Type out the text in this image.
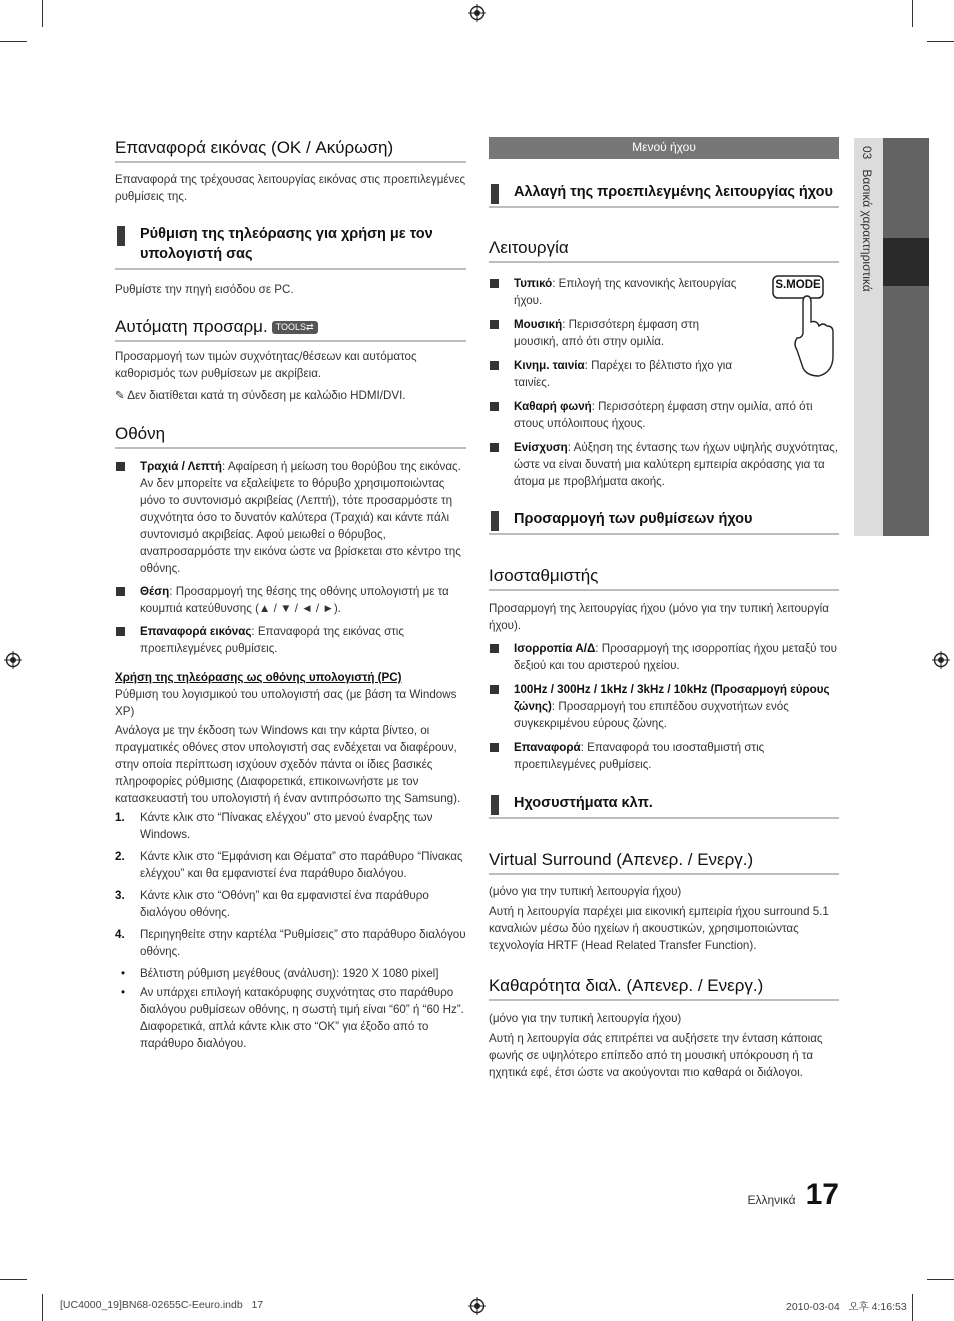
03   Βασικά χαρακτηριστικά
Επαναφορά εικόνας (OK / Ακύρωση)

Επαναφορά της τρέχουσας λειτουργίας εικόνας στις προεπιλεγμένες ρυθμίσεις της.

Ρύθμιση της τηλεόρασης για χρήση με τον υπολογιστή σας

Ρυθμίστε την πηγή εισόδου σε PC.

Αυτόματη προσαρμ. TOOLS⇄

Προσαρμογή των τιμών συχνότητας/θέσεων και αυτόματος καθορισμός των ρυθμίσεων με ακρίβεια.

✎ Δεν διατίθεται κατά τη σύνδεση με καλώδιο HDMI/DVI.

Οθόνη
Τραχιά / Λεπτή: Αφαίρεση ή μείωση του θορύβου της εικόνας. Αν δεν μπορείτε να εξαλείψετε το θόρυβο χρησιμοποιώντας μόνο το συντονισμό ακριβείας (Λεπτή), τότε προσαρμόστε τη συχνότητα όσο το δυνατόν καλύτερα (Τραχιά) και κάντε πάλι συντονισμό ακριβείας. Αφού μειωθεί ο θόρυβος, αναπροσαρμόστε την εικόνα ώστε να βρίσκεται στο κέντρο της οθόνης.
Θέση: Προσαρμογή της θέσης της οθόνης υπολογιστή με τα κουμπιά κατεύθυνσης (▲ / ▼ / ◄ / ►).
Επαναφορά εικόνας: Επαναφορά της εικόνας στις προεπιλεγμένες ρυθμίσεις.
Χρήση της τηλεόρασης ως οθόνης υπολογιστή (PC)

Ρύθμιση του λογισμικού του υπολογιστή σας (με βάση τα Windows XP)

Ανάλογα με την έκδοση των Windows και την κάρτα βίντεο, οι πραγματικές οθόνες στον υπολογιστή σας ενδέχεται να διαφέρουν, στην οποία περίπτωση ισχύουν σχεδόν πάντα οι ίδιες βασικές πληροφορίες ρύθμισης (Διαφορετικά, επικοινωνήστε με τον κατασκευαστή του υπολογιστή ή έναν αντιπρόσωπο της Samsung).

1. Κάντε κλικ στο “Πίνακας ελέγχου” στο μενού έναρξης των Windows.
2. Κάντε κλικ στο “Εμφάνιση και Θέματα” στο παράθυρο “Πίνακας ελέγχου” και θα εμφανιστεί ένα παράθυρο διαλόγου.
3. Κάντε κλικ στο “Οθόνη” και θα εμφανιστεί ένα παράθυρο διαλόγου οθόνης.
4. Περιηγηθείτε στην καρτέλα “Ρυθμίσεις” στο παράθυρο διαλόγου οθόνης.
• Βέλτιστη ρύθμιση μεγέθους (ανάλυση): 1920 X 1080 pixel]
• Αν υπάρχει επιλογή κατακόρυφης συχνότητας στο παράθυρο διαλόγου ρυθμίσεων οθόνης, η σωστή τιμή είναι “60” ή “60 Hz”. Διαφορετικά, απλά κάντε κλικ στο “OK” για έξοδο από το παράθυρο διαλόγου.
Μενού ήχου
Αλλαγή της προεπιλεγμένης λειτουργίας ήχου
Λειτουργία
S.MODE
Τυπικό: Επιλογή της κανονικής λειτουργίας ήχου.
Μουσική: Περισσότερη έμφαση στη μουσική, από ότι στην ομιλία.
Κινημ. ταινία: Παρέχει το βέλτιστο ήχο για ταινίες.
Καθαρή φωνή: Περισσότερη έμφαση στην ομιλία, από ότι στους υπόλοιπους ήχους.
Ενίσχυση: Αύξηση της έντασης των ήχων υψηλής συχνότητας, ώστε να είναι δυνατή μια καλύτερη εμπειρία ακρόασης για τα άτομα με προβλήματα ακοής.
Προσαρμογή των ρυθμίσεων ήχου
Ισοσταθμιστής

Προσαρμογή της λειτουργίας ήχου (μόνο για την τυπική λειτουργία ήχου).

Ισορροπία Α/Δ: Προσαρμογή της ισορροπίας ήχου μεταξύ του δεξιού και του αριστερού ηχείου.
100Hz / 300Hz / 1kHz / 3kHz / 10kHz (Προσαρμογή εύρους ζώνης): Προσαρμογή του επιπέδου συχνοτήτων ενός συγκεκριμένου εύρους ζώνης.
Επαναφορά: Επαναφορά του ισοσταθμιστή στις προεπιλεγμένες ρυθμίσεις.
Ηχοσυστήματα κλπ.
Virtual Surround (Απενερ. / Ενεργ.)

(μόνο για την τυπική λειτουργία ήχου)

Αυτή η λειτουργία παρέχει μια εικονική εμπειρία ήχου surround 5.1 καναλιών μέσω δύο ηχείων ή ακουστικών, χρησιμοποιώντας τεχνολογία HRTF (Head Related Transfer Function).

Καθαρότητα διαλ. (Απενερ. / Ενεργ.)

(μόνο για την τυπική λειτουργία ήχου)

Αυτή η λειτουργία σάς επιτρέπει να αυξήσετε την ένταση κάποιας φωνής σε υψηλότερο επίπεδο από τη μουσική υπόκρουση ή τα ηχητικά εφέ, έτσι ώστε να ακούγονται πιο καθαρά οι διάλογοι.

Ελληνικά 17
[UC4000_19]BN68-02655C-Eeuro.indb   17	2010-03-04   오후 4:16:53
